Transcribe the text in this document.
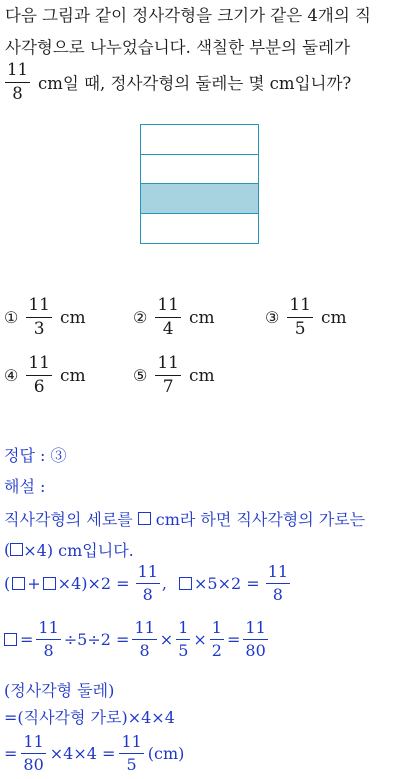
다음 그림과 같이 정사각형을 크기가 같은 4개의 직
사각형으로 나누었습니다. 색칠한 부분의 둘레가
$\frac{11}{8}$ cm일 때, 정사각형의 둘레는 몇 cm입니까?
① $\frac{11}{3}$ cm	② $\frac{11}{4}$ cm	③ $\frac{11}{5}$ cm
④ $\frac{11}{6}$ cm	⑤ $\frac{11}{7}$ cm
정답 : ③
해설 :
직사각형의 세로를 cm라 하면 직사각형의 가로는
( ×4) cm입니다.
( + $\times 4)\times 2 = \frac{11}{8}$ , $\times 5\times 2 = \frac{11}{8}$
= $\frac{11}{8} \div 5\div 2 = \frac{11}{8} \times \frac{1}{5} \times \frac{1}{2} = \frac{11}{80}$
(정사각형 둘레)
=(직사각형 가로)×4×4
= $\frac{11}{80} \times 4\times 4 = \frac{11}{5} (cm)$
